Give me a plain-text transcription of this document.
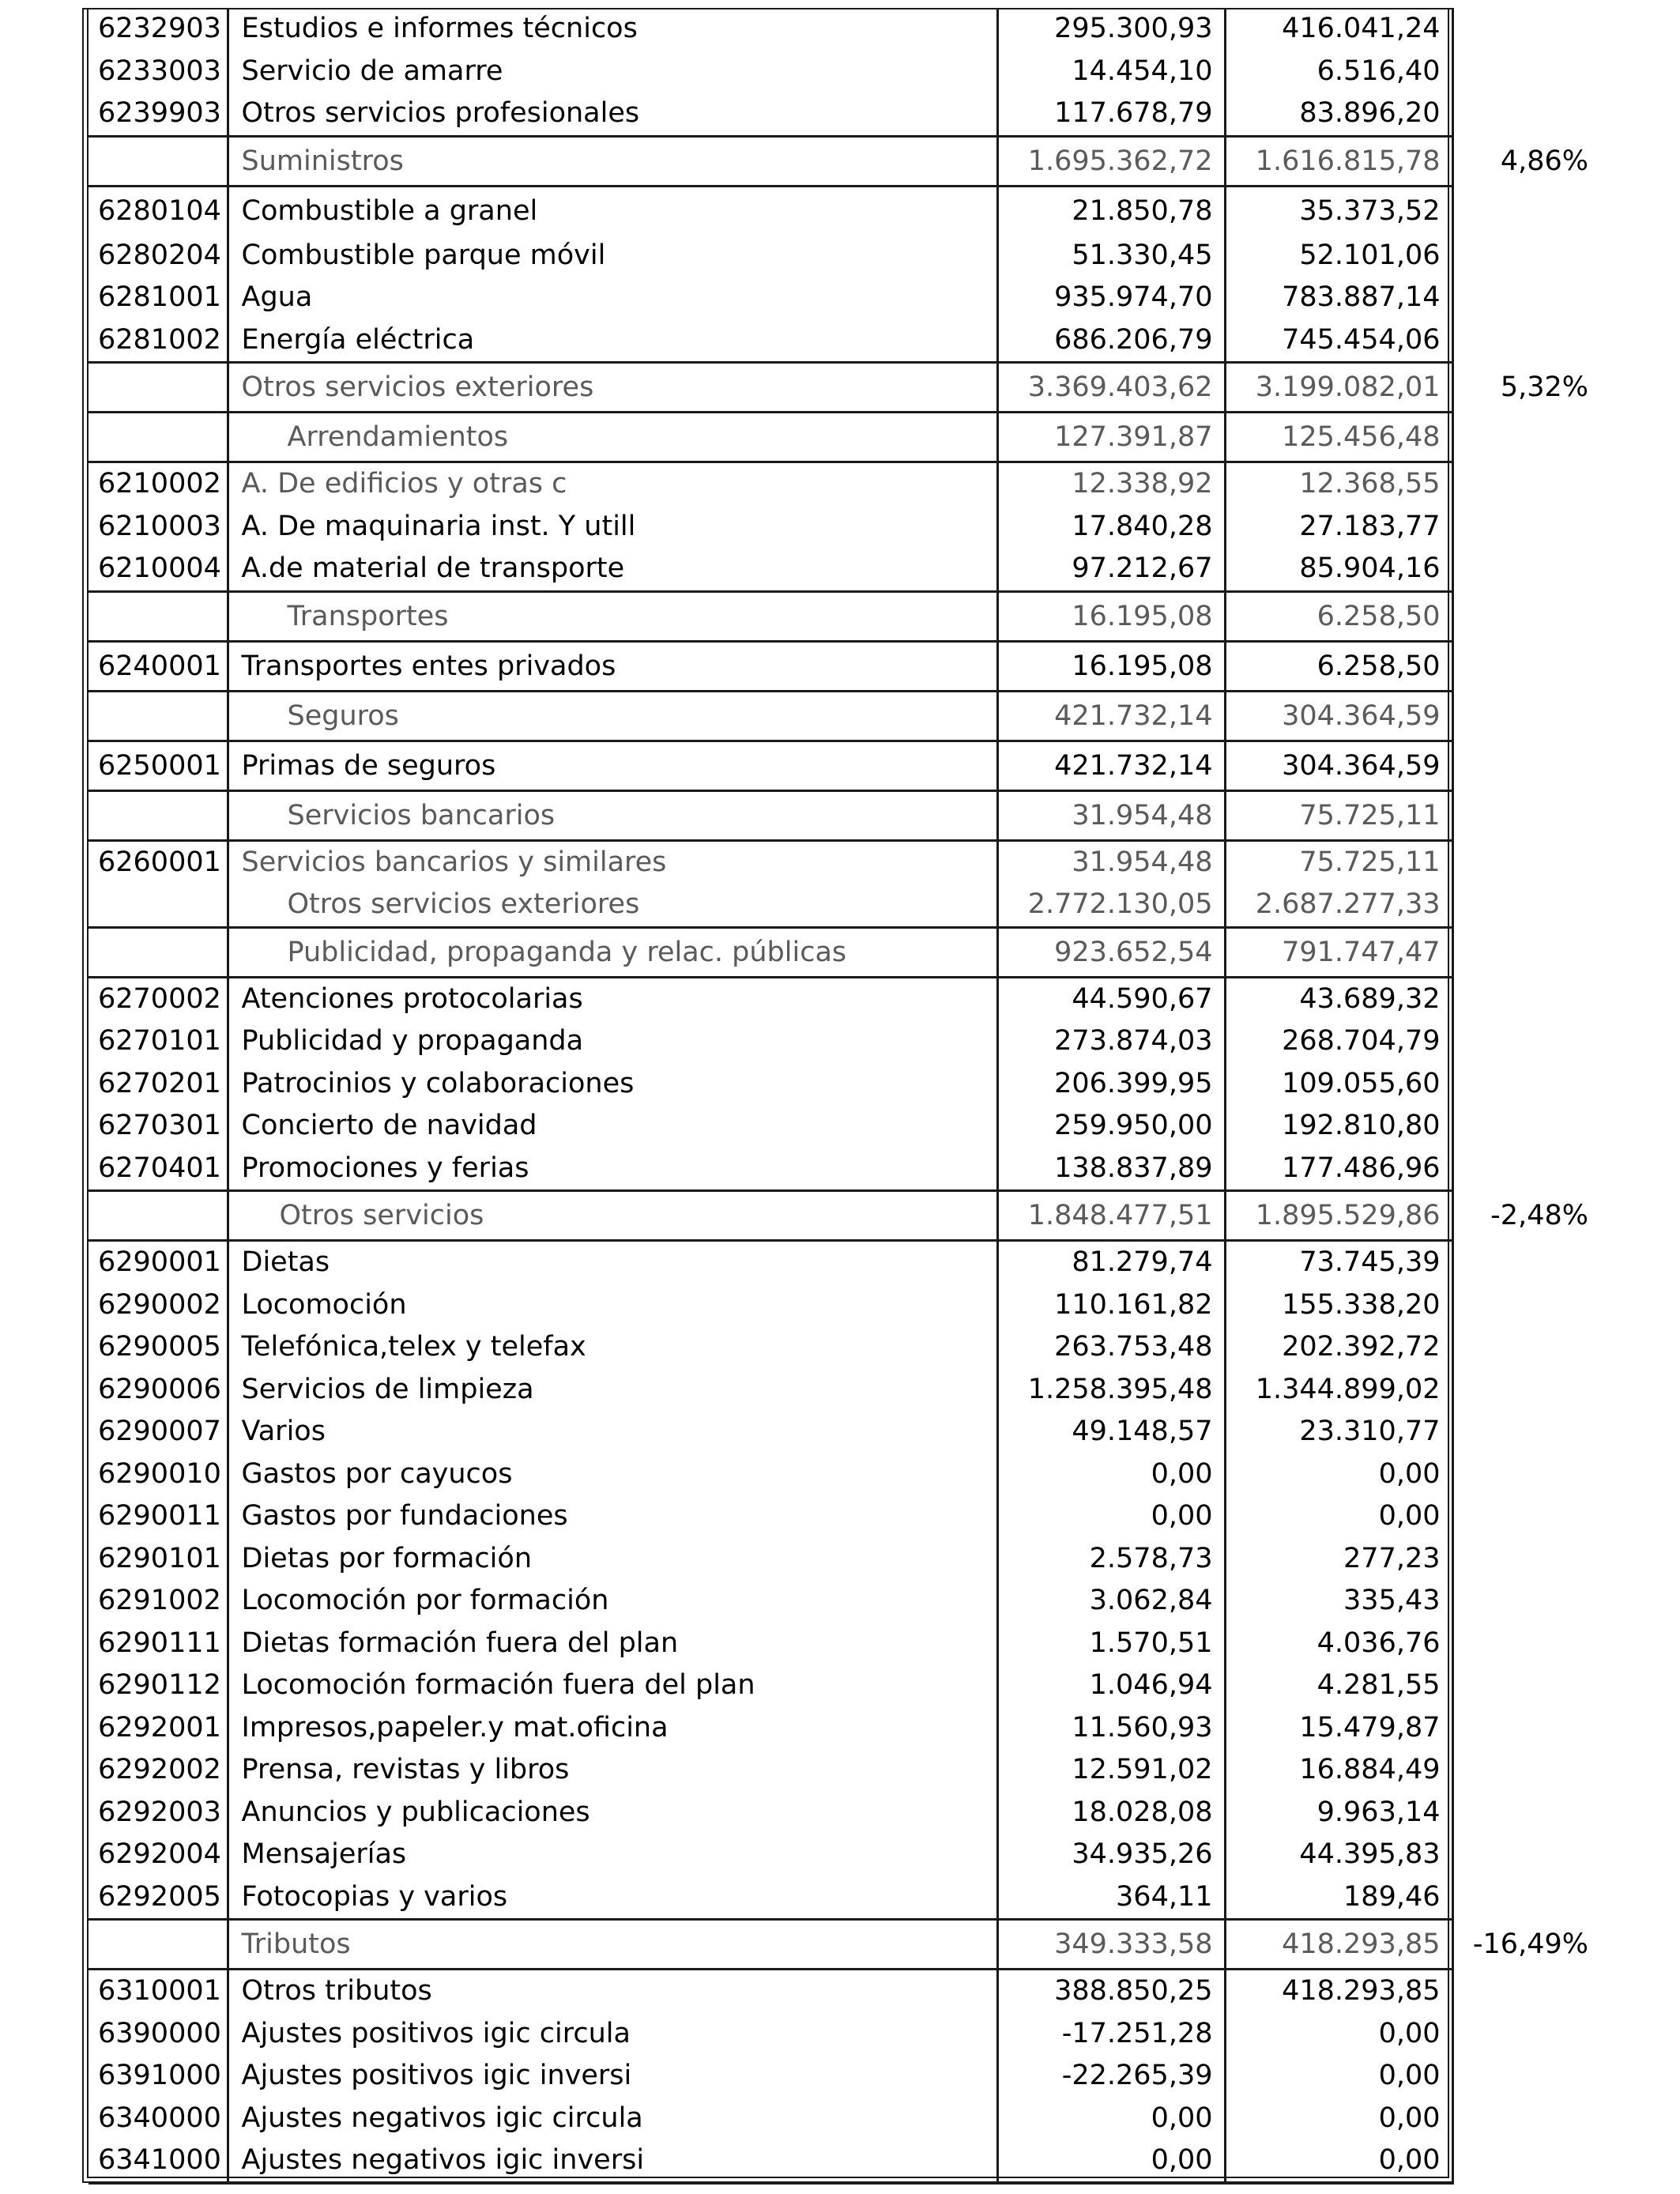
6232903	Estudios e informes técnicos	295.300,93	416.041,24	
6233003	Servicio de amarre	14.454,10	6.516,40	
6239903	Otros servicios profesionales	117.678,79	83.896,20	
	Suministros	1.695.362,72	1.616.815,78	4,86%
6280104	Combustible a granel	21.850,78	35.373,52	
6280204	Combustible parque móvil	51.330,45	52.101,06	
6281001	Agua	935.974,70	783.887,14	
6281002	Energía eléctrica	686.206,79	745.454,06	
	Otros servicios exteriores	3.369.403,62	3.199.082,01	5,32%
	Arrendamientos	127.391,87	125.456,48	
6210002	A. De edificios y otras c	12.338,92	12.368,55	
6210003	A. De maquinaria inst. Y utill	17.840,28	27.183,77	
6210004	A.de material de transporte	97.212,67	85.904,16	
	Transportes	16.195,08	6.258,50	
6240001	Transportes entes privados	16.195,08	6.258,50	
	Seguros	421.732,14	304.364,59	
6250001	Primas de seguros	421.732,14	304.364,59	
	Servicios bancarios	31.954,48	75.725,11	
6260001	Servicios bancarios y similares	31.954,48	75.725,11	
	Otros servicios exteriores	2.772.130,05	2.687.277,33	
	Publicidad, propaganda y relac. públicas	923.652,54	791.747,47	
6270002	Atenciones protocolarias	44.590,67	43.689,32	
6270101	Publicidad y propaganda	273.874,03	268.704,79	
6270201	Patrocinios y colaboraciones	206.399,95	109.055,60	
6270301	Concierto de navidad	259.950,00	192.810,80	
6270401	Promociones y ferias	138.837,89	177.486,96	
	Otros servicios	1.848.477,51	1.895.529,86	-2,48%
6290001	Dietas	81.279,74	73.745,39	
6290002	Locomoción	110.161,82	155.338,20	
6290005	Telefónica,telex y telefax	263.753,48	202.392,72	
6290006	Servicios de limpieza	1.258.395,48	1.344.899,02	
6290007	Varios	49.148,57	23.310,77	
6290010	Gastos por cayucos	0,00	0,00	
6290011	Gastos por fundaciones	0,00	0,00	
6290101	Dietas por formación	2.578,73	277,23	
6291002	Locomoción por formación	3.062,84	335,43	
6290111	Dietas formación fuera del plan	1.570,51	4.036,76	
6290112	Locomoción formación fuera del plan	1.046,94	4.281,55	
6292001	Impresos,papeler.y mat.oficina	11.560,93	15.479,87	
6292002	Prensa, revistas y libros	12.591,02	16.884,49	
6292003	Anuncios y publicaciones	18.028,08	9.963,14	
6292004	Mensajerías	34.935,26	44.395,83	
6292005	Fotocopias y varios	364,11	189,46	
	Tributos	349.333,58	418.293,85	-16,49%
6310001	Otros tributos	388.850,25	418.293,85	
6390000	Ajustes positivos igic circula	-17.251,28	0,00	
6391000	Ajustes positivos igic inversi	-22.265,39	0,00	
6340000	Ajustes negativos igic circula	0,00	0,00	
6341000	Ajustes negativos igic inversi	0,00	0,00	
